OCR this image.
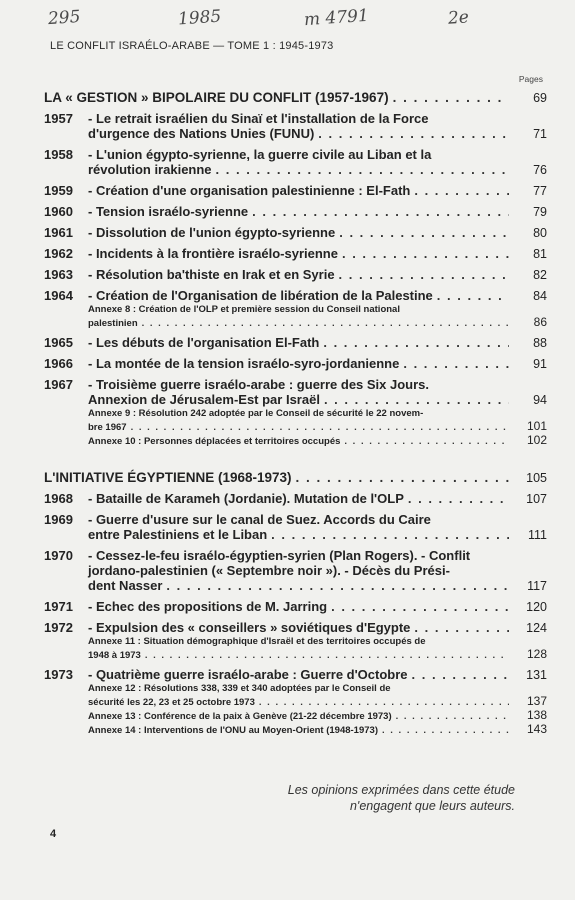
295	1985	m 4791	2e
LE CONFLIT ISRAÉLO-ARABE — TOME 1 : 1945-1973
Pages
LA « GESTION » BIPOLAIRE DU CONFLIT (1957-1967) . . .	69
1957	- Le retrait israélien du Sinaï et l'installation de la Force
d'urgence des Nations Unies (FUNU) . . .	71
1958	- L'union égypto-syrienne, la guerre civile au Liban et la
révolution irakienne . . .	76
1959	- Création d'une organisation palestinienne : El-Fath . . .	77
1960	- Tension israélo-syrienne . . .	79
1961	- Dissolution de l'union égypto-syrienne . . .	80
1962	- Incidents à la frontière israélo-syrienne . . .	81
1963	- Résolution ba'thiste en Irak et en Syrie . . .	82
1964	- Création de l'Organisation de libération de la Palestine . . .	84
Annexe 8 : Création de l'OLP et première session du Conseil national
palestinien . . .	86
1965	- Les débuts de l'organisation El-Fath . . .	88
1966	- La montée de la tension israélo-syro-jordanienne . . .	91
1967	- Troisième guerre israélo-arabe : guerre des Six Jours.
Annexion de Jérusalem-Est par Israël . . .	94
Annexe 9 : Résolution 242 adoptée par le Conseil de sécurité le 22 novem-
bre 1967 . . .	101
Annexe 10 : Personnes déplacées et territoires occupés . . .	102
L'INITIATIVE ÉGYPTIENNE (1968-1973) . . .	105
1968	- Bataille de Karameh (Jordanie). Mutation de l'OLP . . .	107
1969	- Guerre d'usure sur le canal de Suez. Accords du Caire
entre Palestiniens et le Liban . . .	111
1970	- Cessez-le-feu israélo-égyptien-syrien (Plan Rogers). - Conflit
jordano-palestinien (« Septembre noir »). - Décès du Prési-
dent Nasser . . .	117
1971	- Echec des propositions de M. Jarring . . .	120
1972	- Expulsion des « conseillers » soviétiques d'Egypte . . .	124
Annexe 11 : Situation démographique d'Israël et des territoires occupés de
1948 à 1973 . . .	128
1973	- Quatrième guerre israélo-arabe : Guerre d'Octobre . . .	131
Annexe 12 : Résolutions 338, 339 et 340 adoptées par le Conseil de
sécurité les 22, 23 et 25 octobre 1973 . . .	137
Annexe 13 : Conférence de la paix à Genève (21-22 décembre 1973) . . .	138
Annexe 14 : Interventions de l'ONU au Moyen-Orient (1948-1973) . . .	143
Les opinions exprimées dans cette étude
n'engagent que leurs auteurs.
4
